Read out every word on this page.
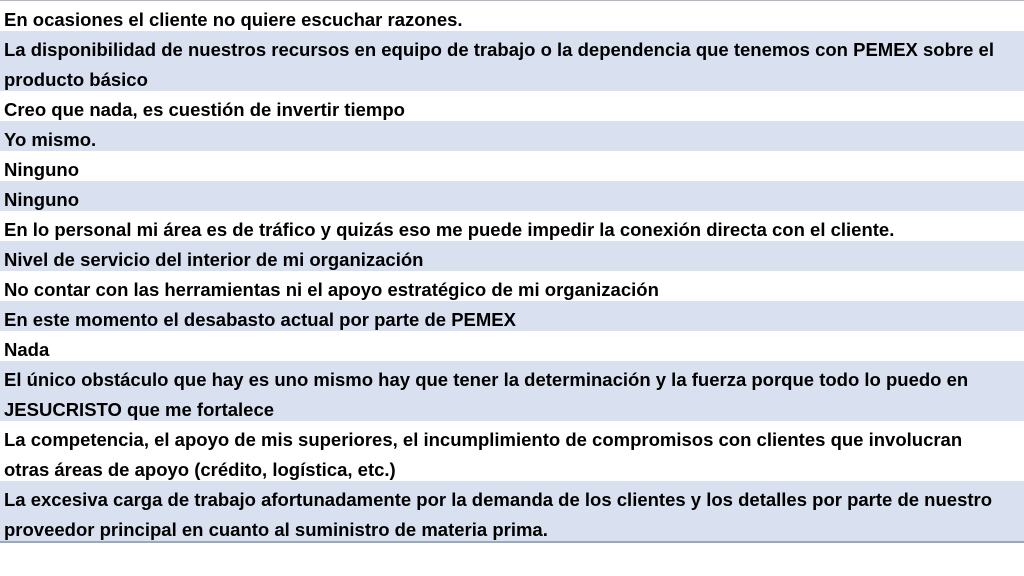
En ocasiones el cliente no quiere escuchar razones.
La disponibilidad de nuestros recursos en equipo de trabajo o la dependencia que tenemos con PEMEX sobre el producto básico
Creo que nada, es cuestión de invertir tiempo
Yo mismo.
Ninguno
Ninguno
En lo personal mi área es de tráfico y quizás eso me puede impedir la conexión directa con el cliente.
Nivel de servicio del interior de mi organización
No contar con las herramientas ni el apoyo estratégico de mi organización
En este momento el desabasto actual por parte de PEMEX
Nada
El único obstáculo que hay es uno mismo hay que tener la determinación y la fuerza porque todo lo puedo en JESUCRISTO que me fortalece
La competencia, el apoyo de mis superiores, el incumplimiento de compromisos con clientes que involucran otras áreas de apoyo (crédito, logística, etc.)
La excesiva carga de trabajo afortunadamente por la demanda de los clientes y los detalles por parte de nuestro proveedor principal en cuanto al suministro de materia prima.
